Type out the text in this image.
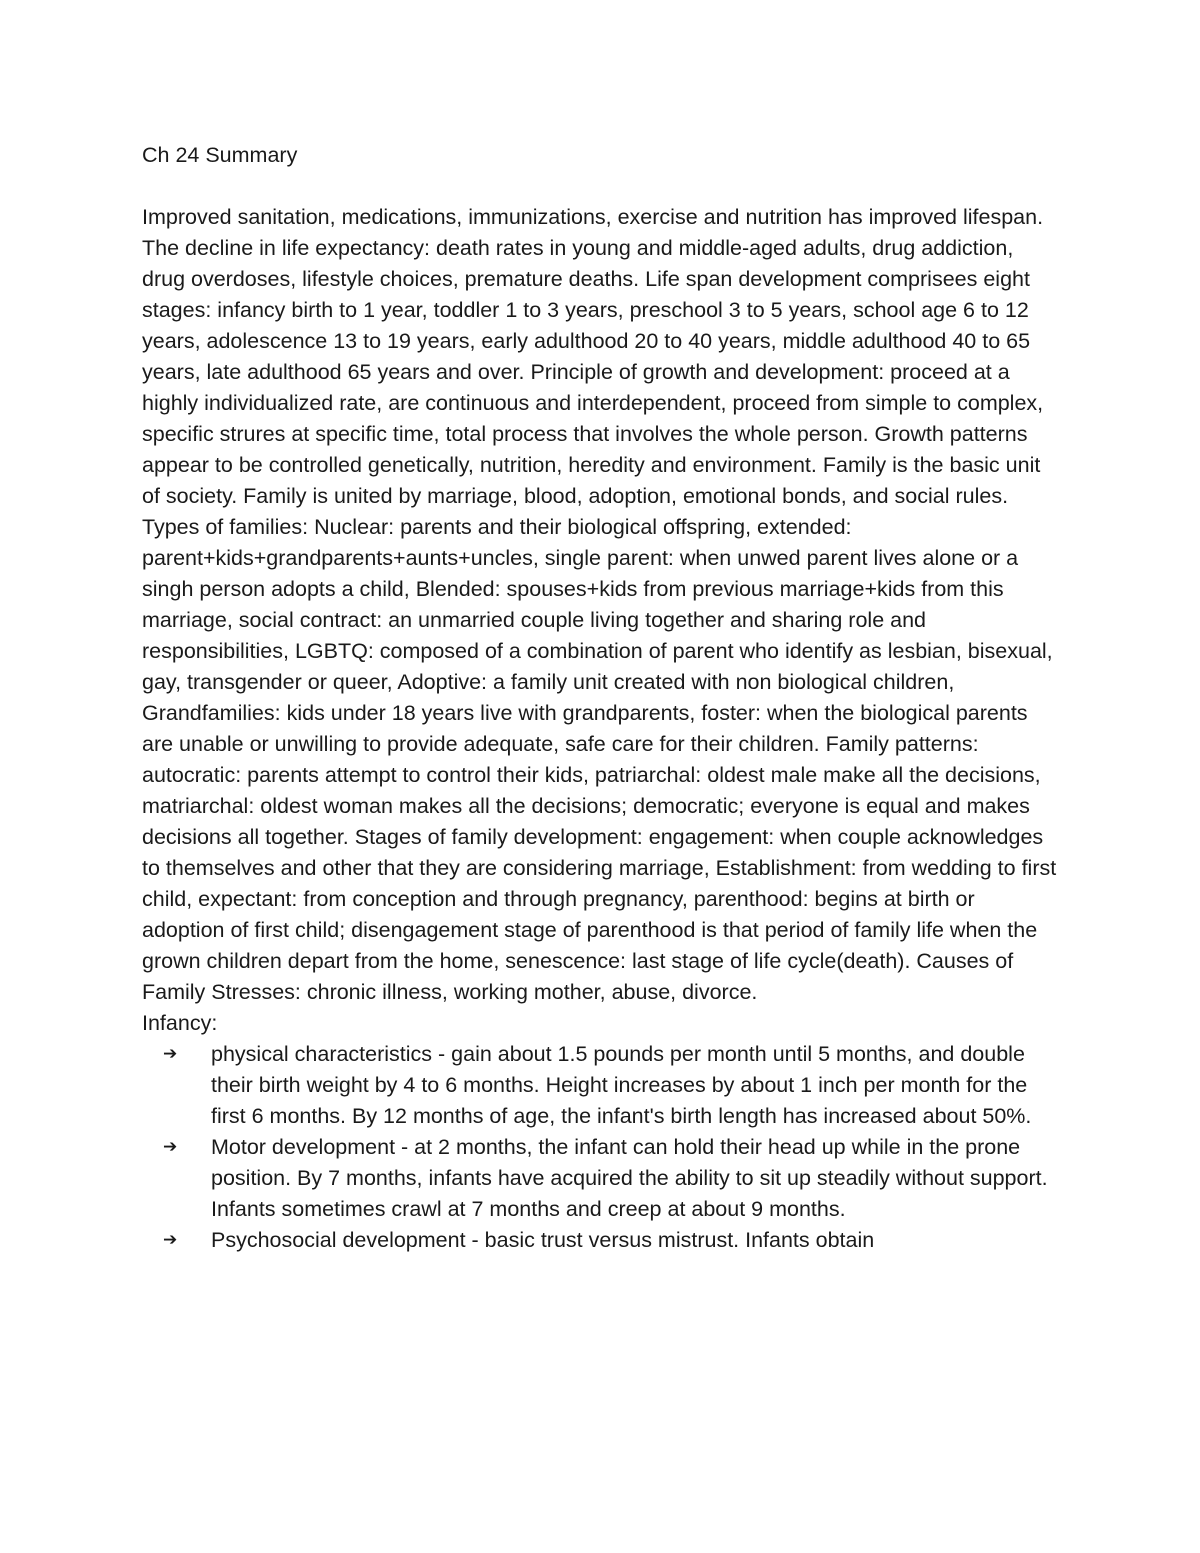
Ch 24 Summary

Improved sanitation, medications, immunizations, exercise and nutrition has improved lifespan. The decline in life expectancy: death rates in young and middle-aged adults, drug addiction, drug overdoses, lifestyle choices, premature deaths. Life span development comprisees eight stages: infancy birth to 1 year, toddler 1 to 3 years, preschool 3 to 5 years, school age 6 to 12 years, adolescence 13 to 19 years, early adulthood 20 to 40 years, middle adulthood 40 to 65 years, late adulthood 65 years and over. Principle of growth and development: proceed at a highly individualized rate, are continuous and interdependent, proceed from simple to complex, specific strures at specific time, total process that involves the whole person. Growth patterns appear to be controlled genetically, nutrition, heredity and environment. Family is the basic unit of society. Family is united by marriage, blood, adoption, emotional bonds, and social rules. Types of families: Nuclear: parents and their biological offspring, extended: parent+kids+grandparents+aunts+uncles, single parent: when unwed parent lives alone or a singh person adopts a child, Blended: spouses+kids from previous marriage+kids from this marriage, social contract: an unmarried couple living together and sharing role and responsibilities, LGBTQ: composed of a combination of parent who identify as lesbian, bisexual, gay, transgender or queer, Adoptive: a family unit created with non biological children, Grandfamilies: kids under 18 years live with grandparents, foster: when the biological parents are unable or unwilling to provide adequate, safe care for their children. Family patterns: autocratic: parents attempt to control their kids, patriarchal: oldest male make all the decisions, matriarchal: oldest woman makes all the decisions; democratic; everyone is equal and makes decisions all together. Stages of family development: engagement: when couple acknowledges to themselves and other that they are considering marriage, Establishment: from wedding to first child, expectant: from conception and through pregnancy, parenthood: begins at birth or adoption of first child; disengagement stage of parenthood is that period of family life when the grown children depart from the home, senescence: last stage of life cycle(death). Causes of Family Stresses: chronic illness, working mother, abuse, divorce.

Infancy:
➔ physical characteristics - gain about 1.5 pounds per month until 5 months, and double their birth weight by 4 to 6 months. Height increases by about 1 inch per month for the first 6 months. By 12 months of age, the infant's birth length has increased about 50%.
➔ Motor development - at 2 months, the infant can hold their head up while in the prone position. By 7 months, infants have acquired the ability to sit up steadily without support. Infants sometimes crawl at 7 months and creep at about 9 months.
➔ Psychosocial development - basic trust versus mistrust. Infants obtain
